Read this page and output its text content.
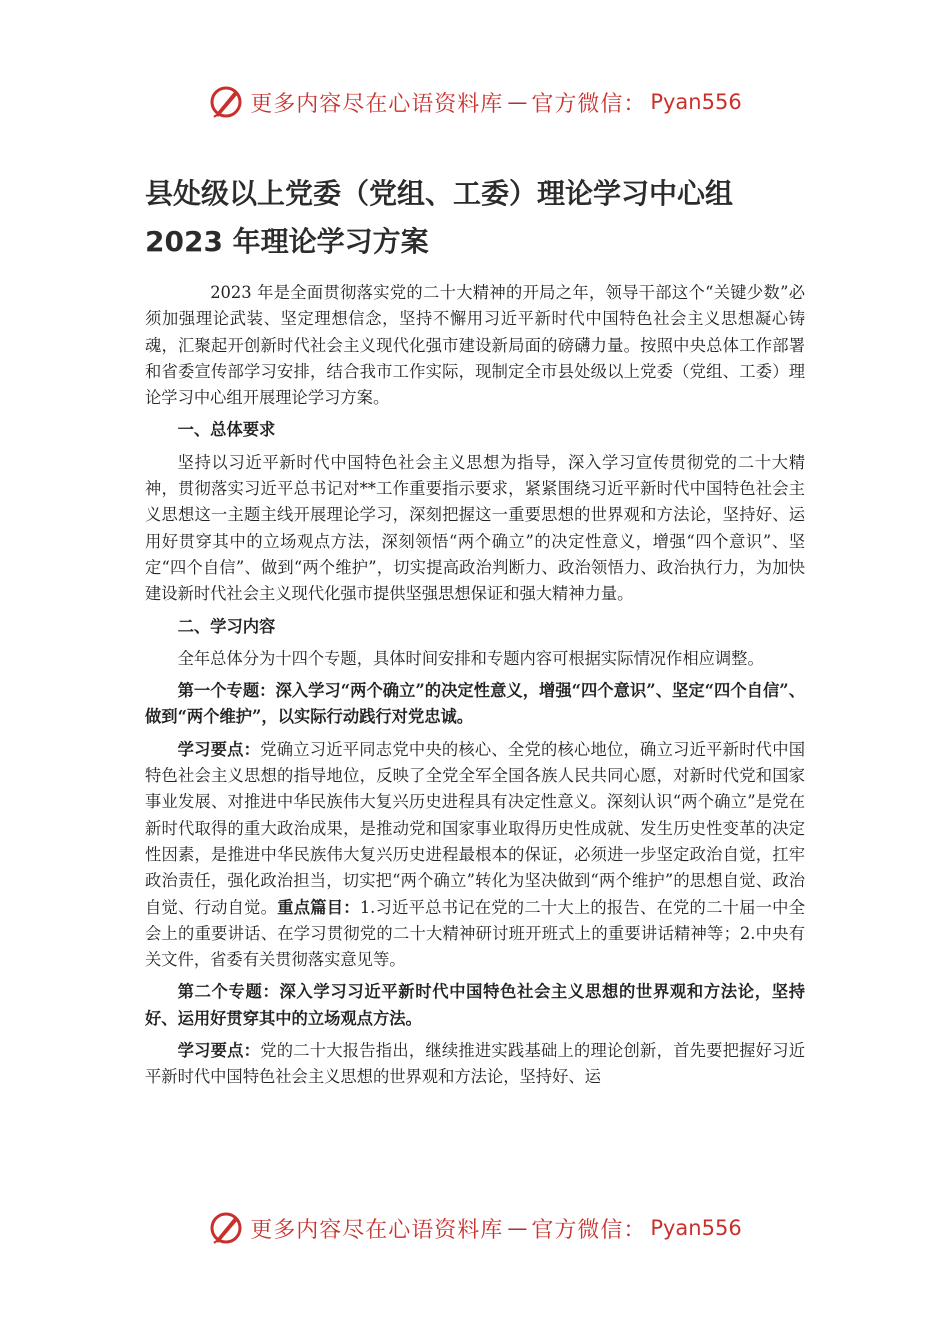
更多内容尽在心语资料库 — 官方微信： Pyan556
县处级以上党委（党组、工委）理论学习中心组
2023 年理论学习方案

2023 年是全面贯彻落实党的二十大精神的开局之年，领导干部这个“关键少数”必须加强理论武装、坚定理想信念，坚持不懈用习近平新时代中国特色社会主义思想凝心铸魂，汇聚起开创新时代社会主义现代化强市建设新局面的磅礴力量。按照中央总体工作部署和省委宣传部学习安排，结合我市工作实际，现制定全市县处级以上党委（党组、工委）理论学习中心组开展理论学习方案。

一、总体要求

坚持以习近平新时代中国特色社会主义思想为指导，深入学习宣传贯彻党的二十大精神，贯彻落实习近平总书记对**工作重要指示要求，紧紧围绕习近平新时代中国特色社会主义思想这一主题主线开展理论学习，深刻把握这一重要思想的世界观和方法论，坚持好、运用好贯穿其中的立场观点方法，深刻领悟“两个确立”的决定性意义，增强“四个意识”、坚定“四个自信”、做到“两个维护”，切实提高政治判断力、政治领悟力、政治执行力，为加快建设新时代社会主义现代化强市提供坚强思想保证和强大精神力量。

二、学习内容

全年总体分为十四个专题，具体时间安排和专题内容可根据实际情况作相应调整。

第一个专题：深入学习“两个确立”的决定性意义，增强“四个意识”、坚定“四个自信”、做到“两个维护”，以实际行动践行对党忠诚。

学习要点：党确立习近平同志党中央的核心、全党的核心地位，确立习近平新时代中国特色社会主义思想的指导地位，反映了全党全军全国各族人民共同心愿，对新时代党和国家事业发展、对推进中华民族伟大复兴历史进程具有决定性意义。深刻认识“两个确立”是党在新时代取得的重大政治成果，是推动党和国家事业取得历史性成就、发生历史性变革的决定性因素，是推进中华民族伟大复兴历史进程最根本的保证，必须进一步坚定政治自觉，扛牢政治责任，强化政治担当，切实把“两个确立”转化为坚决做到“两个维护”的思想自觉、政治自觉、行动自觉。重点篇目：1.习近平总书记在党的二十大上的报告、在党的二十届一中全会上的重要讲话、在学习贯彻党的二十大精神研讨班开班式上的重要讲话精神等；2.中央有关文件，省委有关贯彻落实意见等。

第二个专题：深入学习习近平新时代中国特色社会主义思想的世界观和方法论，坚持好、运用好贯穿其中的立场观点方法。

学习要点：党的二十大报告指出，继续推进实践基础上的理论创新，首先要把握好习近平新时代中国特色社会主义思想的世界观和方法论，坚持好、运

更多内容尽在心语资料库 — 官方微信： Pyan556
